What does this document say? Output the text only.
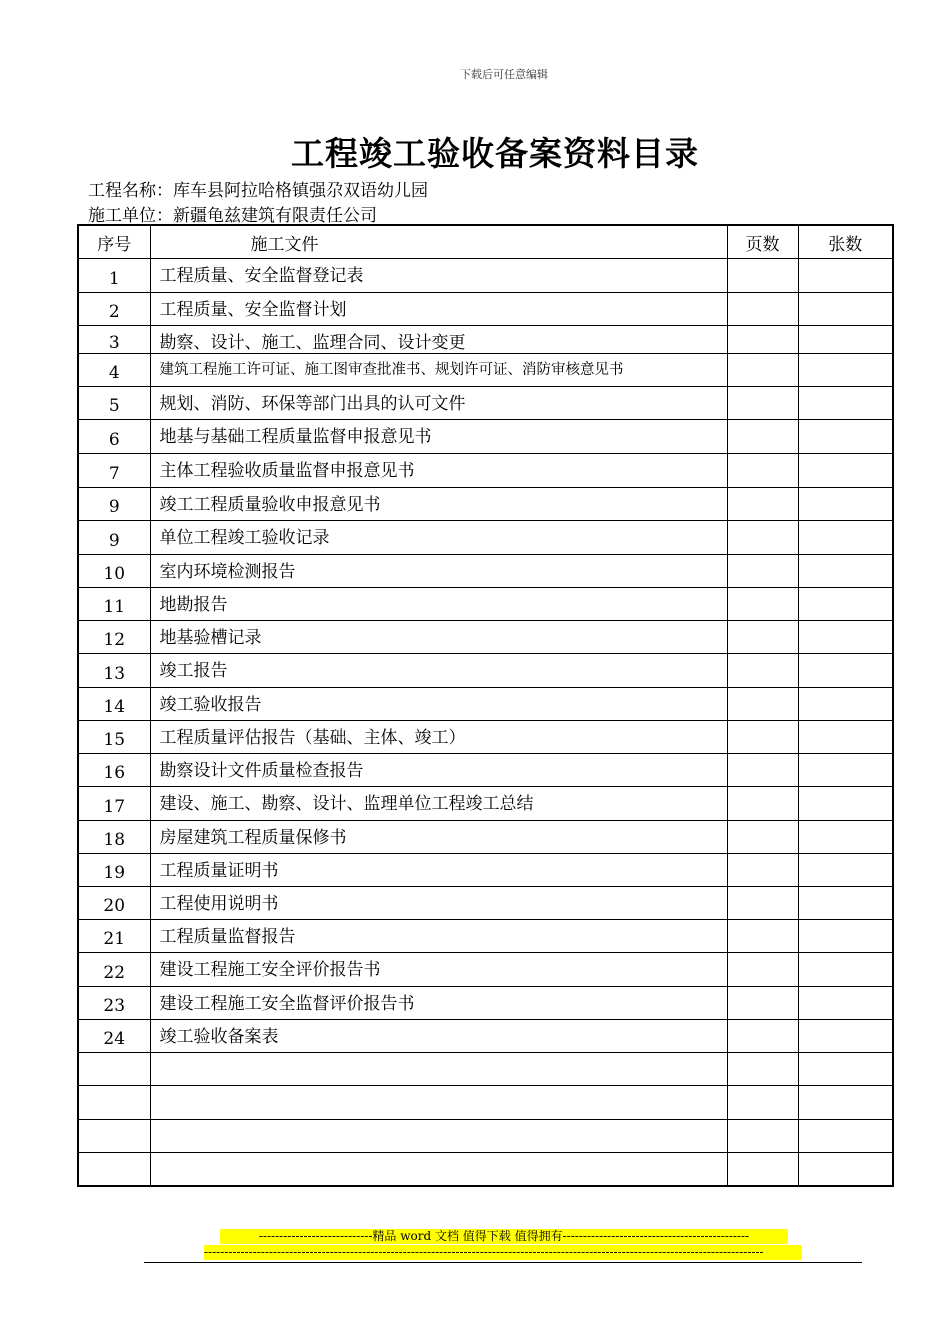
下载后可任意编辑
工程竣工验收备案资料目录
工程名称：库车县阿拉哈格镇强尕双语幼儿园
施工单位：新疆龟兹建筑有限责任公司
序号	施工文件	页数	张数
1	工程质量、安全监督登记表		
2	工程质量、安全监督计划		
3	勘察、设计、施工、监理合同、设计变更		
4	建筑工程施工许可证、施工图审查批准书、规划许可证、消防审核意见书		
5	规划、消防、环保等部门出具的认可文件		
6	地基与基础工程质量监督申报意见书		
7	主体工程验收质量监督申报意见书		
9	竣工工程质量验收申报意见书		
9	单位工程竣工验收记录		
10	室内环境检测报告		
11	地勘报告		
12	地基验槽记录		
13	竣工报告		
14	竣工验收报告		
15	工程质量评估报告（基础、主体、竣工）		
16	勘察设计文件质量检查报告		
17	建设、施工、勘察、设计、监理单位工程竣工总结		
18	房屋建筑工程质量保修书		
19	工程质量证明书		
20	工程使用说明书		
21	工程质量监督报告		
22	建设工程施工安全评价报告书		
23	建设工程施工安全监督评价报告书		
24	竣工验收备案表		

----------------------------精品 word 文档 值得下载 值得拥有----------------------------------------------
------------------------------------------------------------------------------------------------------------------------------------------
